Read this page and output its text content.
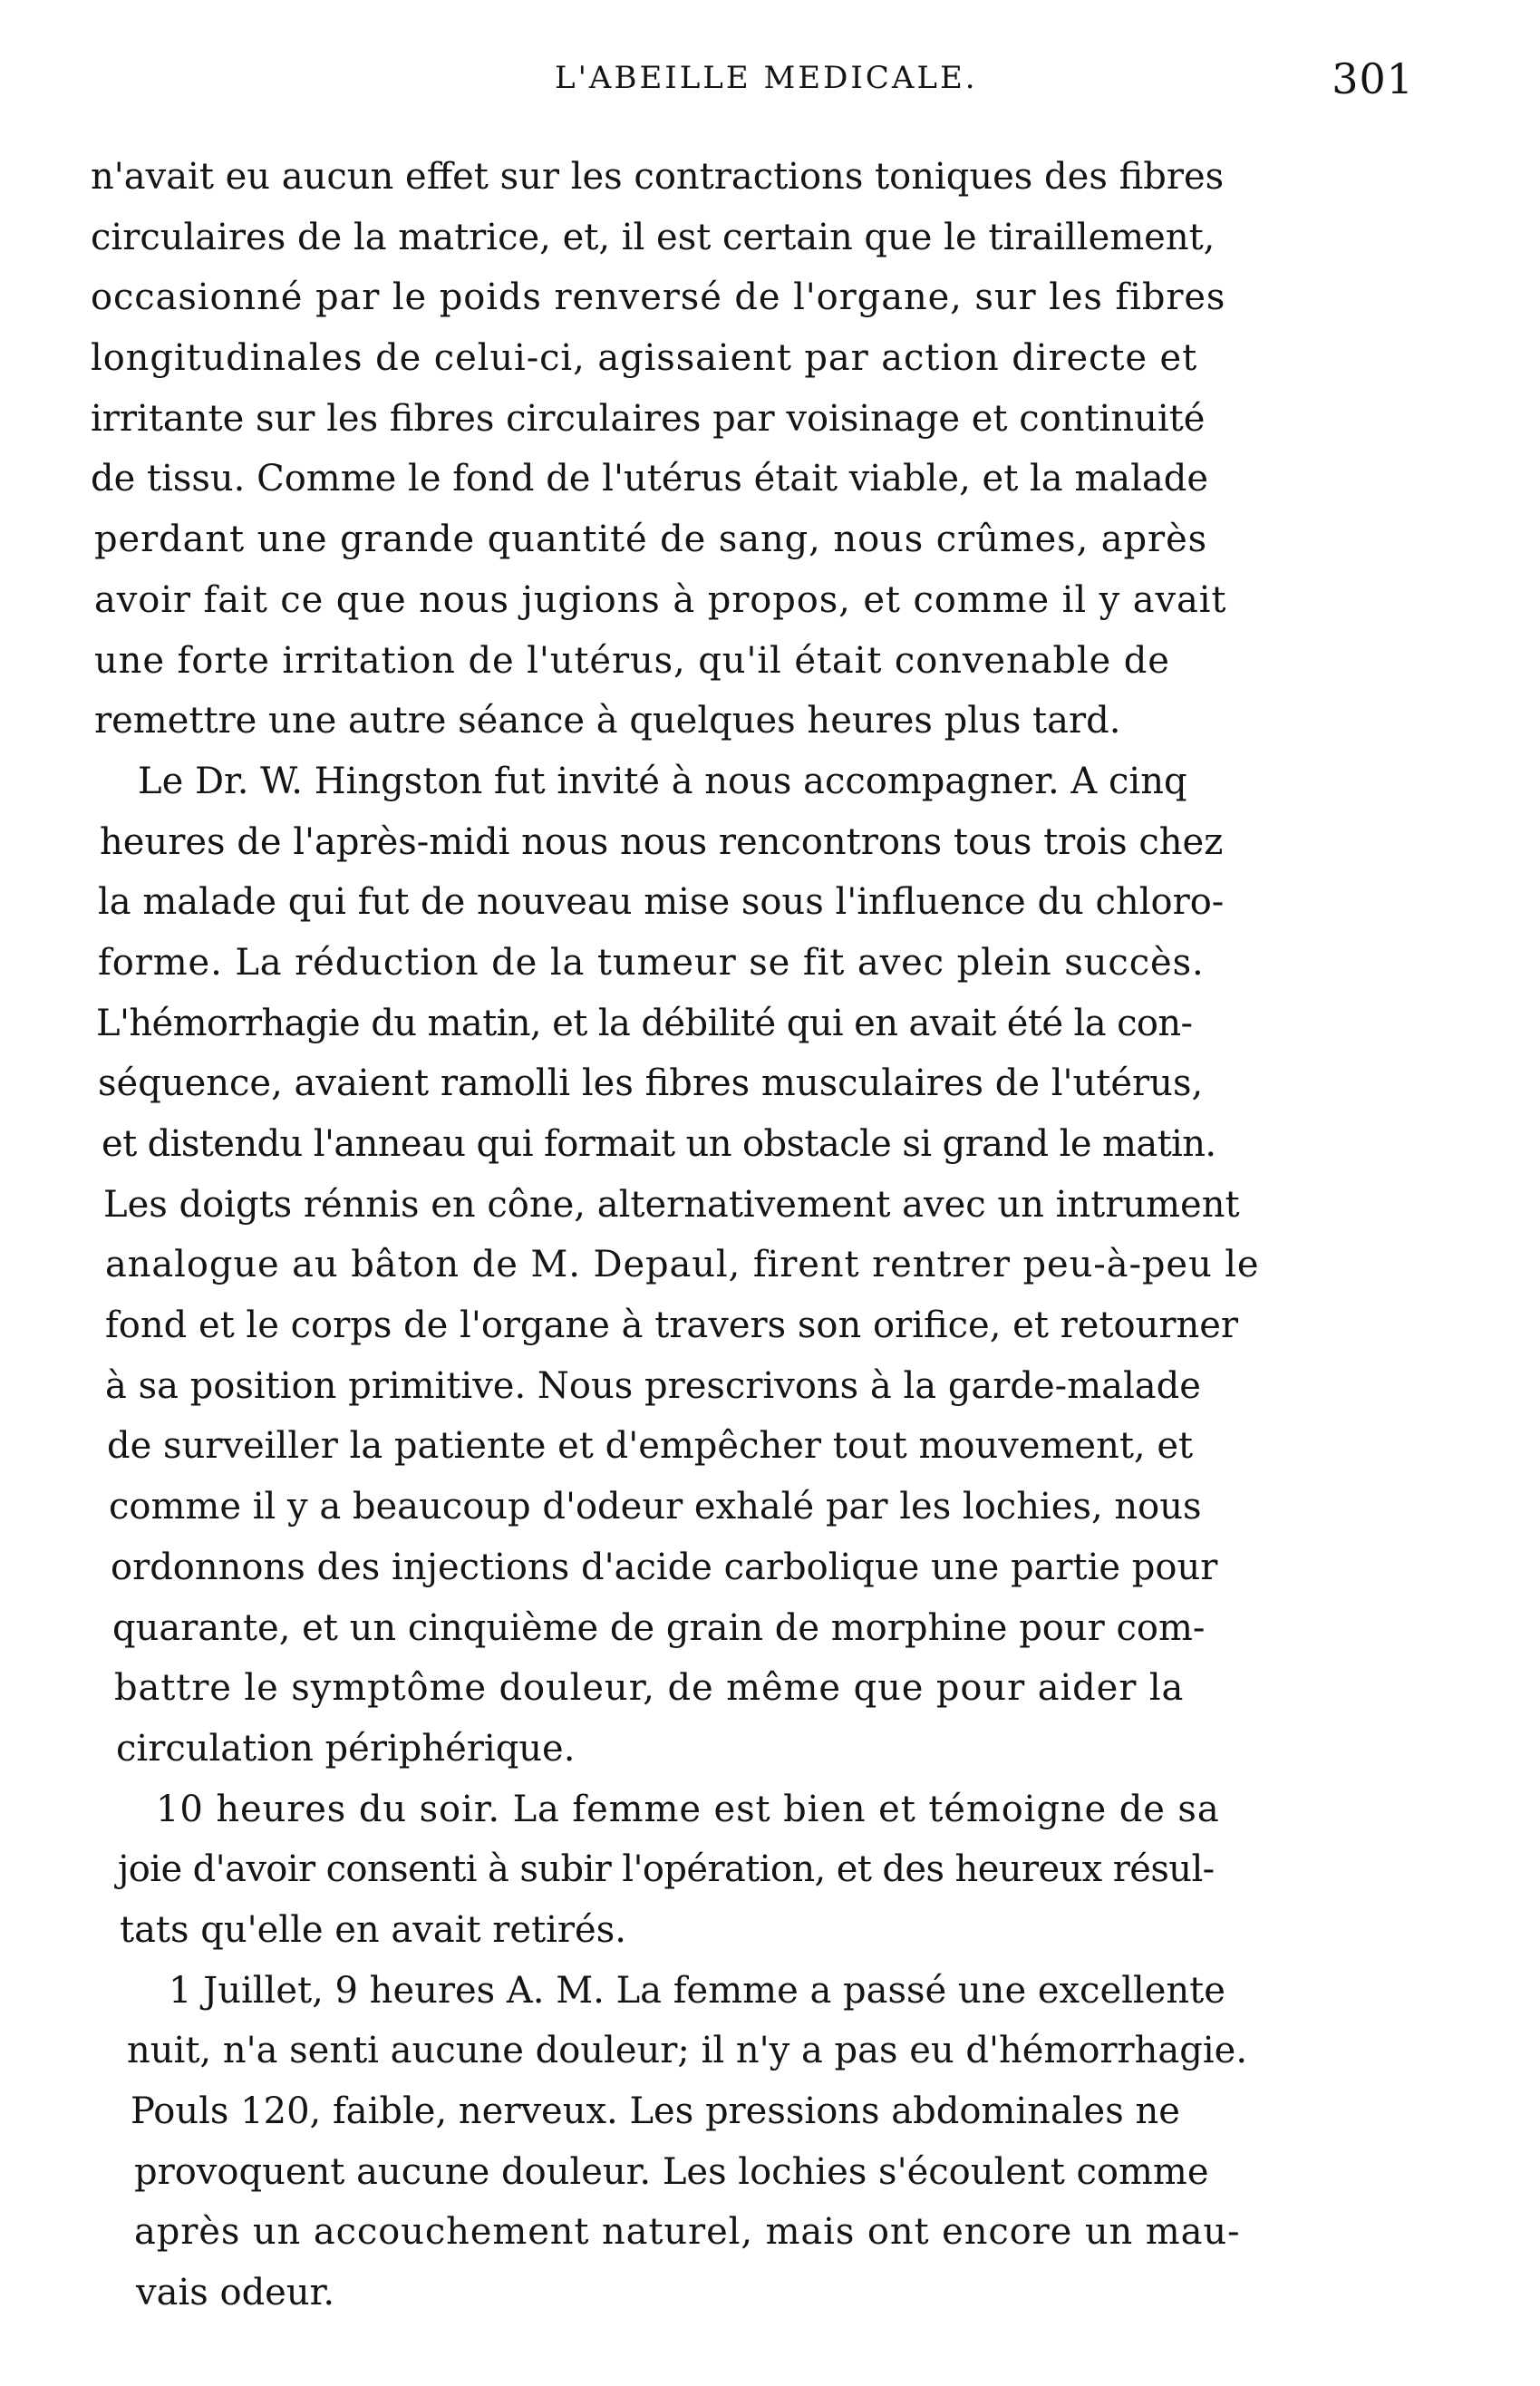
L'ABEILLE MEDICALE.	301
n'avait eu aucun effet sur les contractions toniques des fibres
circulaires de la matrice, et, il est certain que le tiraillement,
occasionné par le poids renversé de l'organe, sur les fibres
longitudinales de celui-ci, agissaient par action directe et
irritante sur les fibres circulaires par voisinage et continuité
de tissu. Comme le fond de l'utérus était viable, et la malade
perdant une grande quantité de sang, nous crûmes, après
avoir fait ce que nous jugions à propos, et comme il y avait
une forte irritation de l'utérus, qu'il était convenable de
remettre une autre séance à quelques heures plus tard.
Le Dr. W. Hingston fut invité à nous accompagner. A cinq
heures de l'après-midi nous nous rencontrons tous trois chez
la malade qui fut de nouveau mise sous l'influence du chloro-
forme. La réduction de la tumeur se fit avec plein succès.
L'hémorrhagie du matin, et la débilité qui en avait été la con-
séquence, avaient ramolli les fibres musculaires de l'utérus,
et distendu l'anneau qui formait un obstacle si grand le matin.
Les doigts rénnis en cône, alternativement avec un intrument
analogue au bâton de M. Depaul, firent rentrer peu-à-peu le
fond et le corps de l'organe à travers son orifice, et retourner
à sa position primitive. Nous prescrivons à la garde-malade
de surveiller la patiente et d'empêcher tout mouvement, et
comme il y a beaucoup d'odeur exhalé par les lochies, nous
ordonnons des injections d'acide carbolique une partie pour
quarante, et un cinquième de grain de morphine pour com-
battre le symptôme douleur, de même que pour aider la
circulation périphérique.
10 heures du soir. La femme est bien et témoigne de sa
joie d'avoir consenti à subir l'opération, et des heureux résul-
tats qu'elle en avait retirés.
1 Juillet, 9 heures A. M. La femme a passé une excellente
nuit, n'a senti aucune douleur; il n'y a pas eu d'hémorrhagie.
Pouls 120, faible, nerveux. Les pressions abdominales ne
provoquent aucune douleur. Les lochies s'écoulent comme
après un accouchement naturel, mais ont encore un mau-
vais odeur.
